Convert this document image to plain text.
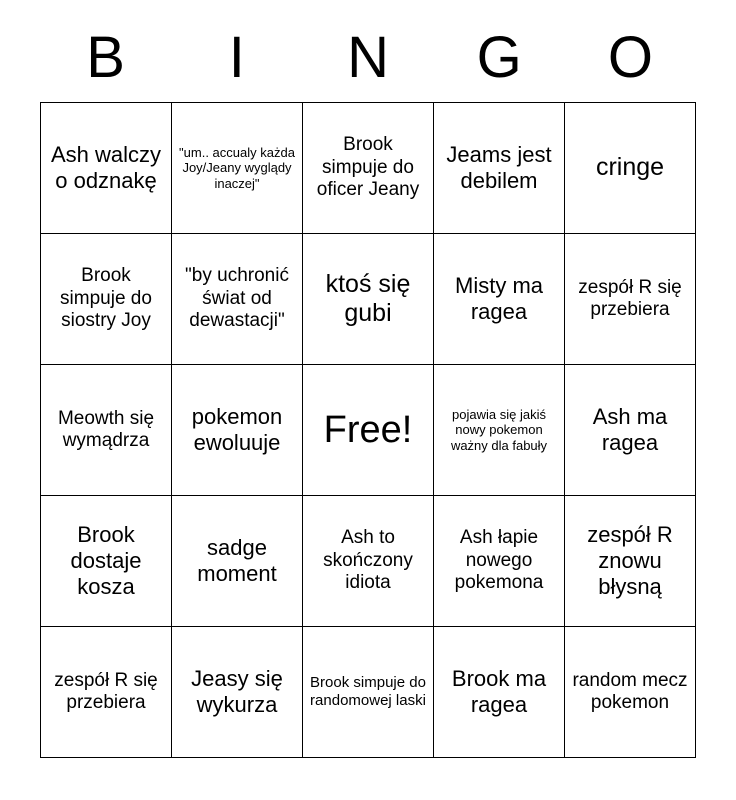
B	I	N	G	O
Ash walczy o odznakę	"um.. accualy każda Joy/Jeany wyglądy inaczej"	Brook simpuje do oficer Jeany	Jeams jest debilem	cringe

Brook simpuje do siostry Joy	"by uchronić świat od dewastacji"	ktoś się gubi	Misty ma ragea	zespół R się przebiera

Meowth się wymądrza	pokemon ewoluuje	Free!	pojawia się jakiś nowy pokemon ważny dla fabuły	Ash ma ragea

Brook dostaje kosza	sadge moment	Ash to skończony idiota	Ash łapie nowego pokemona	zespół R znowu błysną

zespół R się przebiera	Jeasy się wykurza	Brook simpuje do randomowej laski	Brook ma ragea	random mecz pokemon
